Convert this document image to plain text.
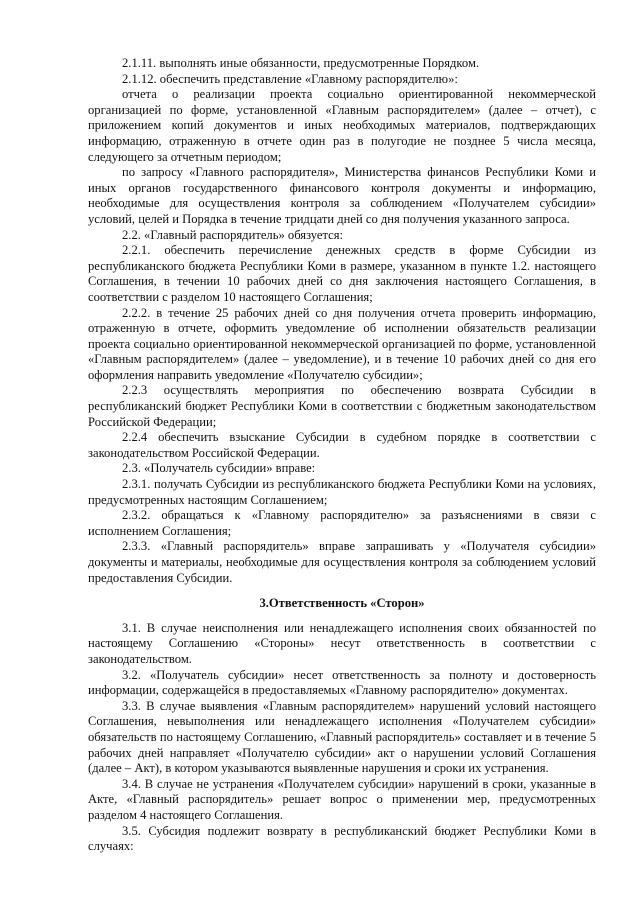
2.1.11. выполнять иные обязанности, предусмотренные Порядком.

2.1.12. обеспечить представление «Главному распорядителю»:

отчета о реализации проекта социально ориентированной некоммерческой организацией по форме, установленной «Главным распорядителем» (далее – отчет), с приложением копий документов и иных необходимых материалов, подтверждающих информацию, отраженную в отчете один раз в полугодие не позднее 5 числа месяца, следующего за отчетным периодом;

по запросу «Главного распорядителя», Министерства финансов Республики Коми и иных органов государственного финансового контроля документы и информацию, необходимые для осуществления контроля за соблюдением «Получателем субсидии» условий, целей и Порядка в течение тридцати дней со дня получения указанного запроса.

2.2. «Главный распорядитель» обязуется:

2.2.1. обеспечить перечисление денежных средств в форме Субсидии из республиканского бюджета Республики Коми в размере, указанном в пункте 1.2. настоящего Соглашения, в течении 10 рабочих дней со дня заключения настоящего Соглашения, в соответствии с разделом 10 настоящего Соглашения;

2.2.2. в течение 25 рабочих дней со дня получения отчета проверить информацию, отраженную в отчете, оформить уведомление об исполнении обязательств реализации проекта социально ориентированной некоммерческой организацией по форме, установленной «Главным распорядителем» (далее – уведомление), и в течение 10 рабочих дней со дня его оформления направить уведомление «Получателю субсидии»;

2.2.3 осуществлять мероприятия по обеспечению возврата Субсидии в республиканский бюджет Республики Коми в соответствии с бюджетным законодательством Российской Федерации;

2.2.4 обеспечить взыскание Субсидии в судебном порядке в соответствии с законодательством Российской Федерации.

2.3. «Получатель субсидии» вправе:

2.3.1. получать Субсидии из республиканского бюджета Республики Коми на условиях, предусмотренных настоящим Соглашением;

2.3.2. обращаться к «Главному распорядителю» за разъяснениями в связи с исполнением Соглашения;

2.3.3. «Главный распорядитель» вправе запрашивать у «Получателя субсидии» документы и материалы, необходимые для осуществления контроля за соблюдением условий предоставления Субсидии.

3.Ответственность «Сторон»

3.1. В случае неисполнения или ненадлежащего исполнения своих обязанностей по настоящему Соглашению «Стороны» несут ответственность в соответствии с законодательством.

3.2. «Получатель субсидии» несет ответственность за полноту и достоверность информации, содержащейся в предоставляемых «Главному распорядителю» документах.

3.3. В случае выявления «Главным распорядителем» нарушений условий настоящего Соглашения, невыполнения или ненадлежащего исполнения «Получателем субсидии» обязательств по настоящему Соглашению, «Главный распорядитель» составляет и в течение 5 рабочих дней направляет «Получателю субсидии» акт о нарушении условий Соглашения (далее – Акт), в котором указываются выявленные нарушения и сроки их устранения.

3.4. В случае не устранения «Получателем субсидии» нарушений в сроки, указанные в Акте, «Главный распорядитель» решает вопрос о применении мер, предусмотренных разделом 4 настоящего Соглашения.

3.5. Субсидия подлежит возврату в республиканский бюджет Республики Коми в случаях:
